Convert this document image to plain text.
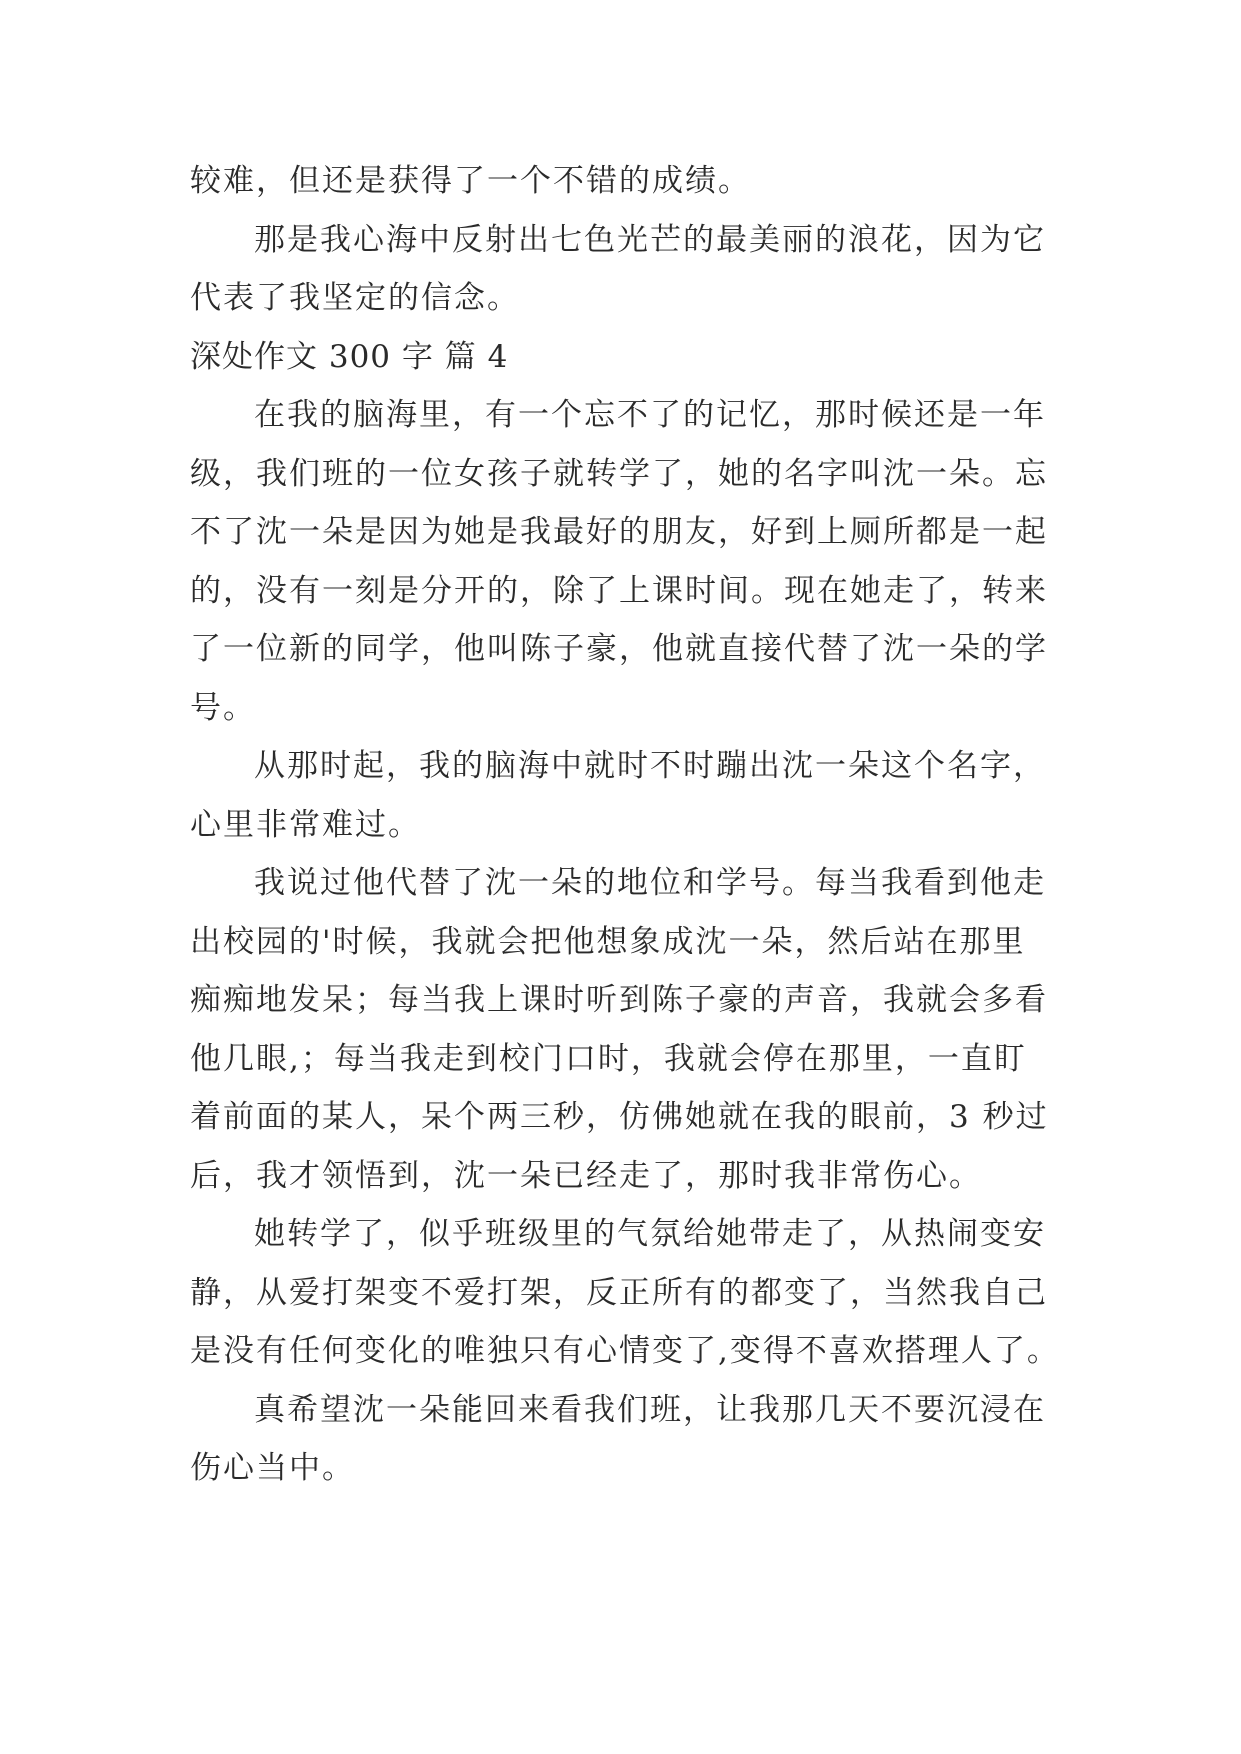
较难，但还是获得了一个不错的成绩。
那是我心海中反射出七色光芒的最美丽的浪花，因为它
代表了我坚定的信念。
深处作文 300 字 篇 4
在我的脑海里，有一个忘不了的记忆，那时候还是一年
级，我们班的一位女孩子就转学了，她的名字叫沈一朵。忘
不了沈一朵是因为她是我最好的朋友，好到上厕所都是一起
的，没有一刻是分开的，除了上课时间。现在她走了，转来
了一位新的同学，他叫陈子豪，他就直接代替了沈一朵的学
号。
从那时起，我的脑海中就时不时蹦出沈一朵这个名字，
心里非常难过。
我说过他代替了沈一朵的地位和学号。每当我看到他走
出校园的'时候，我就会把他想象成沈一朵，然后站在那里
痴痴地发呆；每当我上课时听到陈子豪的声音，我就会多看
他几眼,；每当我走到校门口时，我就会停在那里，一直盯
着前面的某人，呆个两三秒，仿佛她就在我的眼前，3 秒过
后，我才领悟到，沈一朵已经走了，那时我非常伤心。
她转学了，似乎班级里的气氛给她带走了，从热闹变安
静，从爱打架变不爱打架，反正所有的都变了，当然我自己
是没有任何变化的唯独只有心情变了,变得不喜欢搭理人了。
真希望沈一朵能回来看我们班，让我那几天不要沉浸在
伤心当中。
